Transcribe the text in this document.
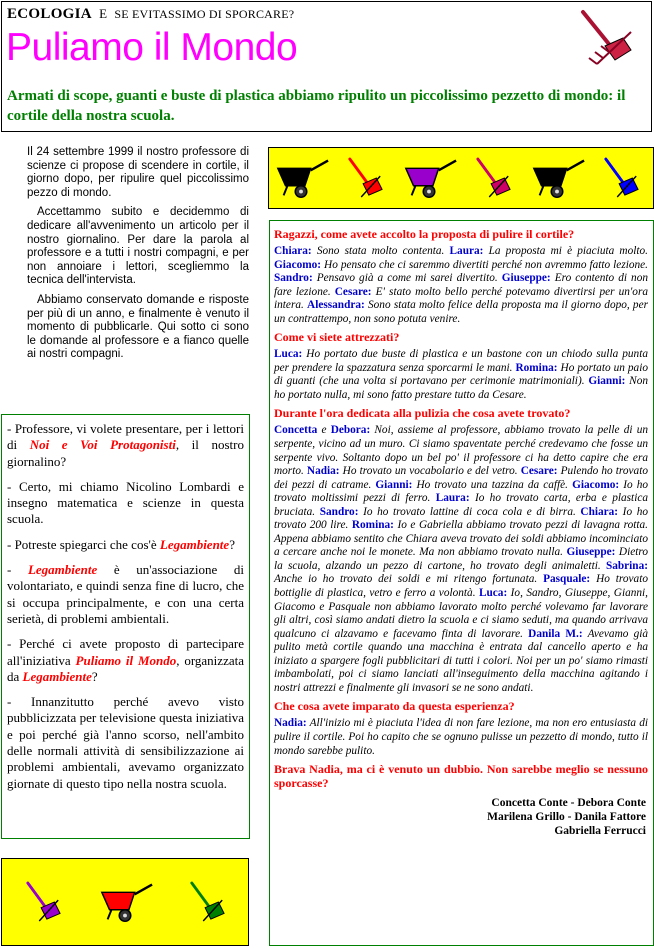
ECOLOGIA E SE EVITASSIMO DI SPORCARE?
Puliamo il Mondo
Armati di scope, guanti e buste di plastica abbiamo ripulito un piccolissimo pezzetto di mondo: il cortile della nostra scuola.

Il 24 settembre 1999 il nostro professore di scienze ci propose di scendere in cortile, il giorno dopo, per ripulire quel piccolissimo pezzo di mondo.

Accettammo subito e decidemmo di dedicare all'avvenimento un articolo per il nostro giornalino. Per dare la parola al professore e a tutti i nostri compagni, e per non annoiare i lettori, scegliemmo la tecnica dell'intervista.

Abbiamo conservato domande e risposte per più di un anno, e finalmente è venuto il momento di pubblicarle. Qui sotto ci sono le domande al professore e a fianco quelle ai nostri compagni.

- Professore, vi volete presentare, per i lettori di Noi e Voi Protagonisti, il nostro giornalino?

- Certo, mi chiamo Nicolino Lombardi e insegno matematica e scienze in questa scuola.

- Potreste spiegarci che cos'è Legambiente?

- Legambiente è un'associazione di volontariato, e quindi senza fine di lucro, che si occupa principalmente, e con una certa serietà, di problemi ambientali.

- Perché ci avete proposto di partecipare all'iniziativa Puliamo il Mondo, organizzata da Legambiente?

- Innanzitutto perché avevo visto pubblicizzata per televisione questa iniziativa e poi perché già l'anno scorso, nell'ambito delle normali attività di sensibilizzazione ai problemi ambientali, avevamo organizzato giornate di questo tipo nella nostra scuola.

Ragazzi, come avete accolto la proposta di pulire il cortile?
Chiara: Sono stata molto contenta. Laura: La proposta mi è piaciuta molto. Giacomo: Ho pensato che ci saremmo divertiti perché non avremmo fatto lezione. Sandro: Pensavo già a come mi sarei divertito. Giuseppe: Ero contento di non fare lezione. Cesare: E' stato molto bello perché potevamo divertirsi per un'ora intera. Alessandra: Sono stata molto felice della proposta ma il giorno dopo, per un contrattempo, non sono potuta venire.
Come vi siete attrezzati?
Luca: Ho portato due buste di plastica e un bastone con un chiodo sulla punta per prendere la spazzatura senza sporcarmi le mani. Romina: Ho portato un paio di guanti (che una volta si portavano per cerimonie matrimoniali). Gianni: Non ho portato nulla, mi sono fatto prestare tutto da Cesare.
Durante l'ora dedicata alla pulizia che cosa avete trovato?
Concetta e Debora: Noi, assieme al professore, abbiamo trovato la pelle di un serpente, vicino ad un muro. Ci siamo spaventate perché credevamo che fosse un serpente vivo. Soltanto dopo un bel po' il professore ci ha detto capire che era morto. Nadia: Ho trovato un vocabolario e del vetro. Cesare: Pulendo ho trovato dei pezzi di catrame. Gianni: Ho trovato una tazzina da caffè. Giacomo: Io ho trovato moltissimi pezzi di ferro. Laura: Io ho trovato carta, erba e plastica bruciata. Sandro: Io ho trovato lattine di coca cola e di birra. Chiara: Io ho trovato 200 lire. Romina: Io e Gabriella abbiamo trovato pezzi di lavagna rotta. Appena abbiamo sentito che Chiara aveva trovato dei soldi abbiamo incominciato a cercare anche noi le monete. Ma non abbiamo trovato nulla. Giuseppe: Dietro la scuola, alzando un pezzo di cartone, ho trovato degli animaletti. Sabrina: Anche io ho trovato dei soldi e mi ritengo fortunata. Pasquale: Ho trovato bottiglie di plastica, vetro e ferro a volontà. Luca: Io, Sandro, Giuseppe, Gianni, Giacomo e Pasquale non abbiamo lavorato molto perché volevamo far lavorare gli altri, così siamo andati dietro la scuola e ci siamo seduti, ma quando arrivava qualcuno ci alzavamo e facevamo finta di lavorare. Danila M.: Avevamo già pulito metà cortile quando una macchina è entrata dal cancello aperto e ha iniziato a spargere fogli pubblicitari di tutti i colori. Noi per un po' siamo rimasti imbambolati, poi ci siamo lanciati all'inseguimento della macchina agitando i nostri attrezzi e finalmente gli invasori se ne sono andati.
Che cosa avete imparato da questa esperienza?
Nadia: All'inizio mi è piaciuta l'idea di non fare lezione, ma non ero entusiasta di pulire il cortile. Poi ho capito che se ognuno pulisse un pezzetto di mondo, tutto il mondo sarebbe pulito.
Brava Nadia, ma ci è venuto un dubbio. Non sarebbe meglio se nessuno sporcasse?
Concetta Conte - Debora Conte
Marilena Grillo - Danila Fattore
Gabriella Ferrucci
